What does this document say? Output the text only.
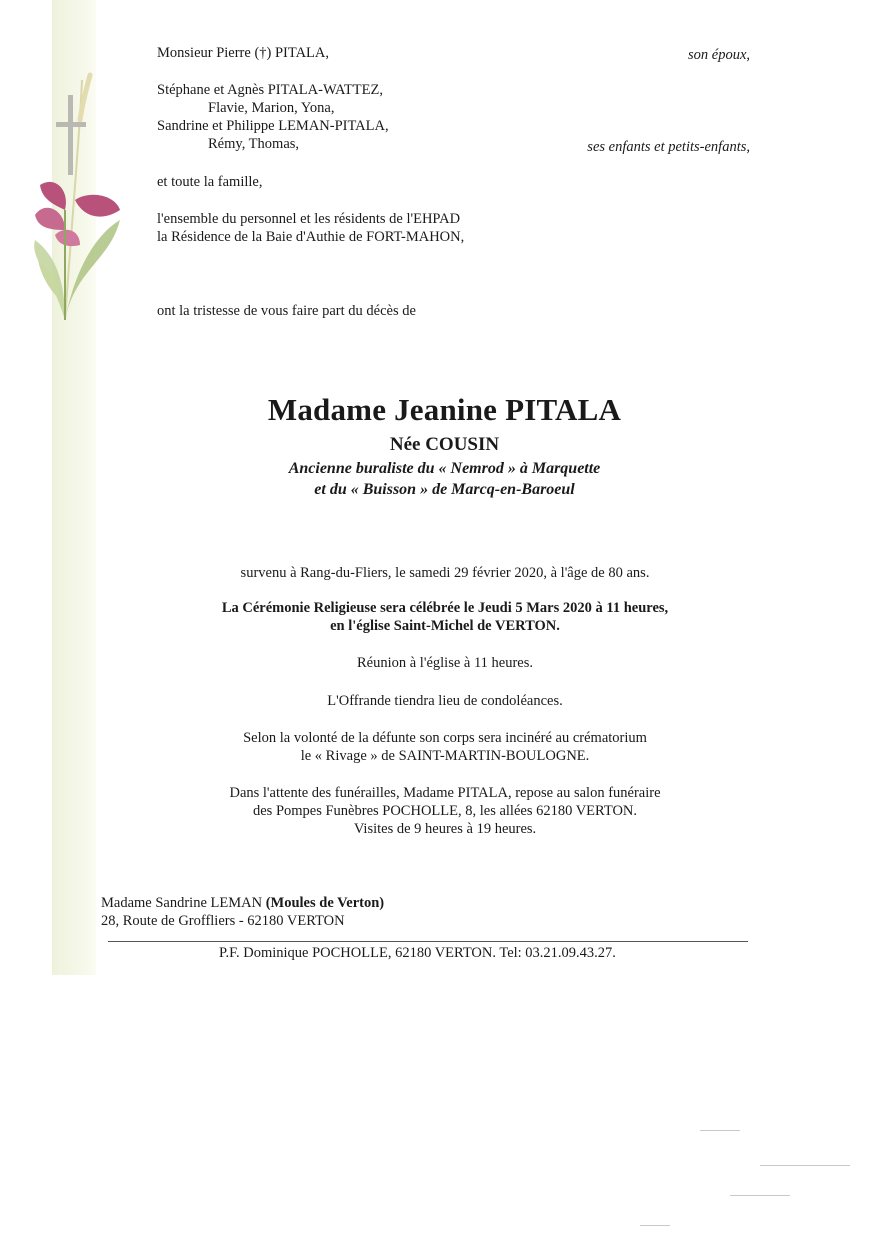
Monsieur Pierre (†) PITALA,	son époux,
Stéphane et Agnès PITALA-WATTEZ,
Flavie, Marion, Yona,
Sandrine et Philippe LEMAN-PITALA,
Rémy, Thomas,	ses enfants et petits-enfants,
et toute la famille,
l'ensemble du personnel et les résidents de l'EHPAD
la Résidence de la Baie d'Authie de FORT-MAHON,
ont la tristesse de vous faire part du décès de
Madame Jeanine PITALA
Née COUSIN
Ancienne buraliste du « Nemrod » à Marquette
et du « Buisson » de Marcq-en-Baroeul
survenu à Rang-du-Fliers, le samedi 29 février 2020, à l'âge de 80 ans.
La Cérémonie Religieuse sera célébrée le Jeudi 5 Mars 2020 à 11 heures,
en l'église Saint-Michel de VERTON.
Réunion à l'église à 11 heures.
L'Offrande tiendra lieu de condoléances.
Selon la volonté de la défunte son corps sera incinéré au crématorium
le « Rivage » de SAINT-MARTIN-BOULOGNE.
Dans l'attente des funérailles, Madame PITALA, repose au salon funéraire
des Pompes Funèbres POCHOLLE, 8, les allées 62180 VERTON.
Visites de 9 heures à 19 heures.
Madame Sandrine LEMAN (Moules de Verton)
28, Route de Groffliers - 62180 VERTON
P.F. Dominique POCHOLLE, 62180 VERTON. Tel: 03.21.09.43.27.
